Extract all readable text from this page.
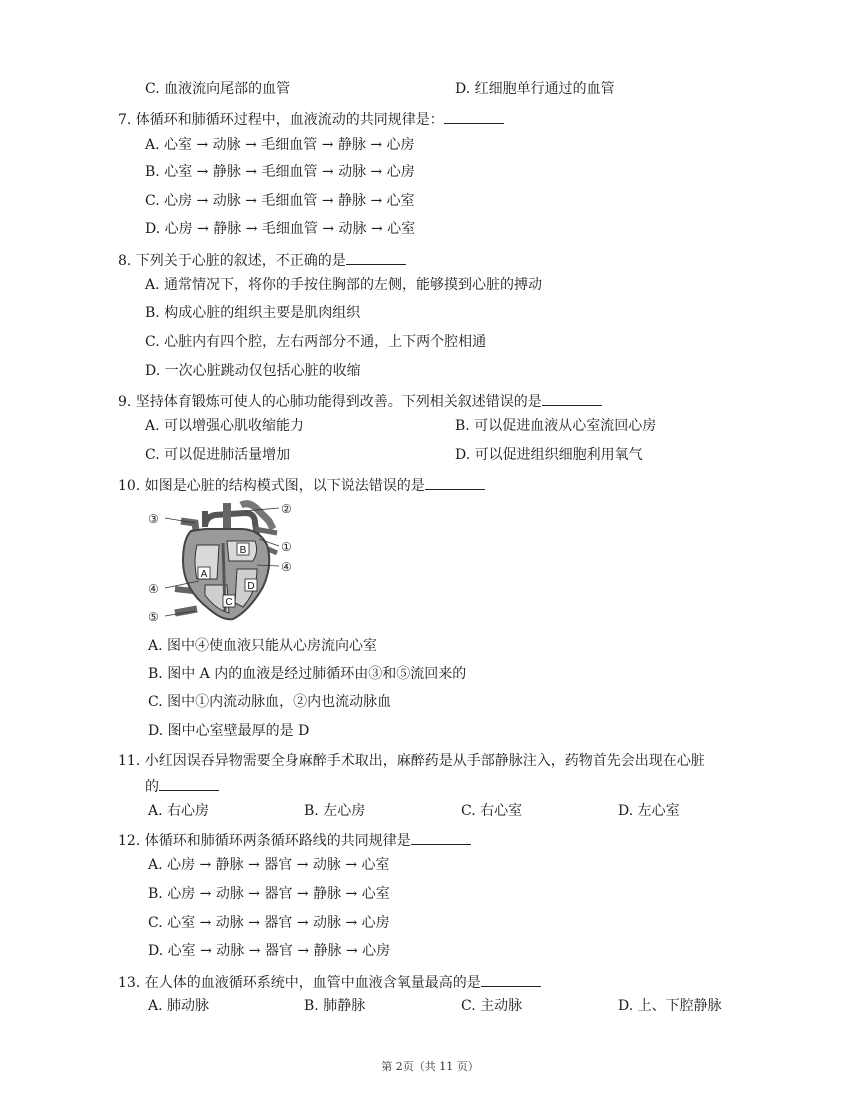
C. 血液流向尾部的血管	D. 红细胞单行通过的血管
7. 体循环和肺循环过程中，血液流动的共同规律是：
A. 心室 → 动脉 → 毛细血管 → 静脉 → 心房
B. 心室 → 静脉 → 毛细血管 → 动脉 → 心房
C. 心房 → 动脉 → 毛细血管 → 静脉 → 心室
D. 心房 → 静脉 → 毛细血管 → 动脉 → 心室
8. 下列关于心脏的叙述，不正确的是
A. 通常情况下，将你的手按住胸部的左侧，能够摸到心脏的搏动
B. 构成心脏的组织主要是肌肉组织
C. 心脏内有四个腔，左右两部分不通，上下两个腔相通
D. 一次心脏跳动仅包括心脏的收缩
9. 坚持体育锻炼可使人的心肺功能得到改善。下列相关叙述错误的是
A. 可以增强心肌收缩能力	B. 可以促进血液从心室流回心房
C. 可以促进肺活量增加	D. 可以促进组织细胞利用氧气
10. 如图是心脏的结构模式图，以下说法错误的是
A
B
C
D
③
②
①
④
④
⑤
A. 图中④使血液只能从心房流向心室
B. 图中 A 内的血液是经过肺循环由③和⑤流回来的
C. 图中①内流动脉血，②内也流动脉血
D. 图中心室壁最厚的是 D
11. 小红因误吞异物需要全身麻醉手术取出，麻醉药是从手部静脉注入，药物首先会出现在心脏
的
A. 右心房	B. 左心房	C. 右心室	D. 左心室
12. 体循环和肺循环两条循环路线的共同规律是
A. 心房 → 静脉 → 器官 → 动脉 → 心室
B. 心房 → 动脉 → 器官 → 静脉 → 心室
C. 心室 → 动脉 → 器官 → 动脉 → 心房
D. 心室 → 动脉 → 器官 → 静脉 → 心房
13. 在人体的血液循环系统中，血管中血液含氧量最高的是
A. 肺动脉	B. 肺静脉	C. 主动脉	D. 上、下腔静脉
第 2页（共 11 页）
